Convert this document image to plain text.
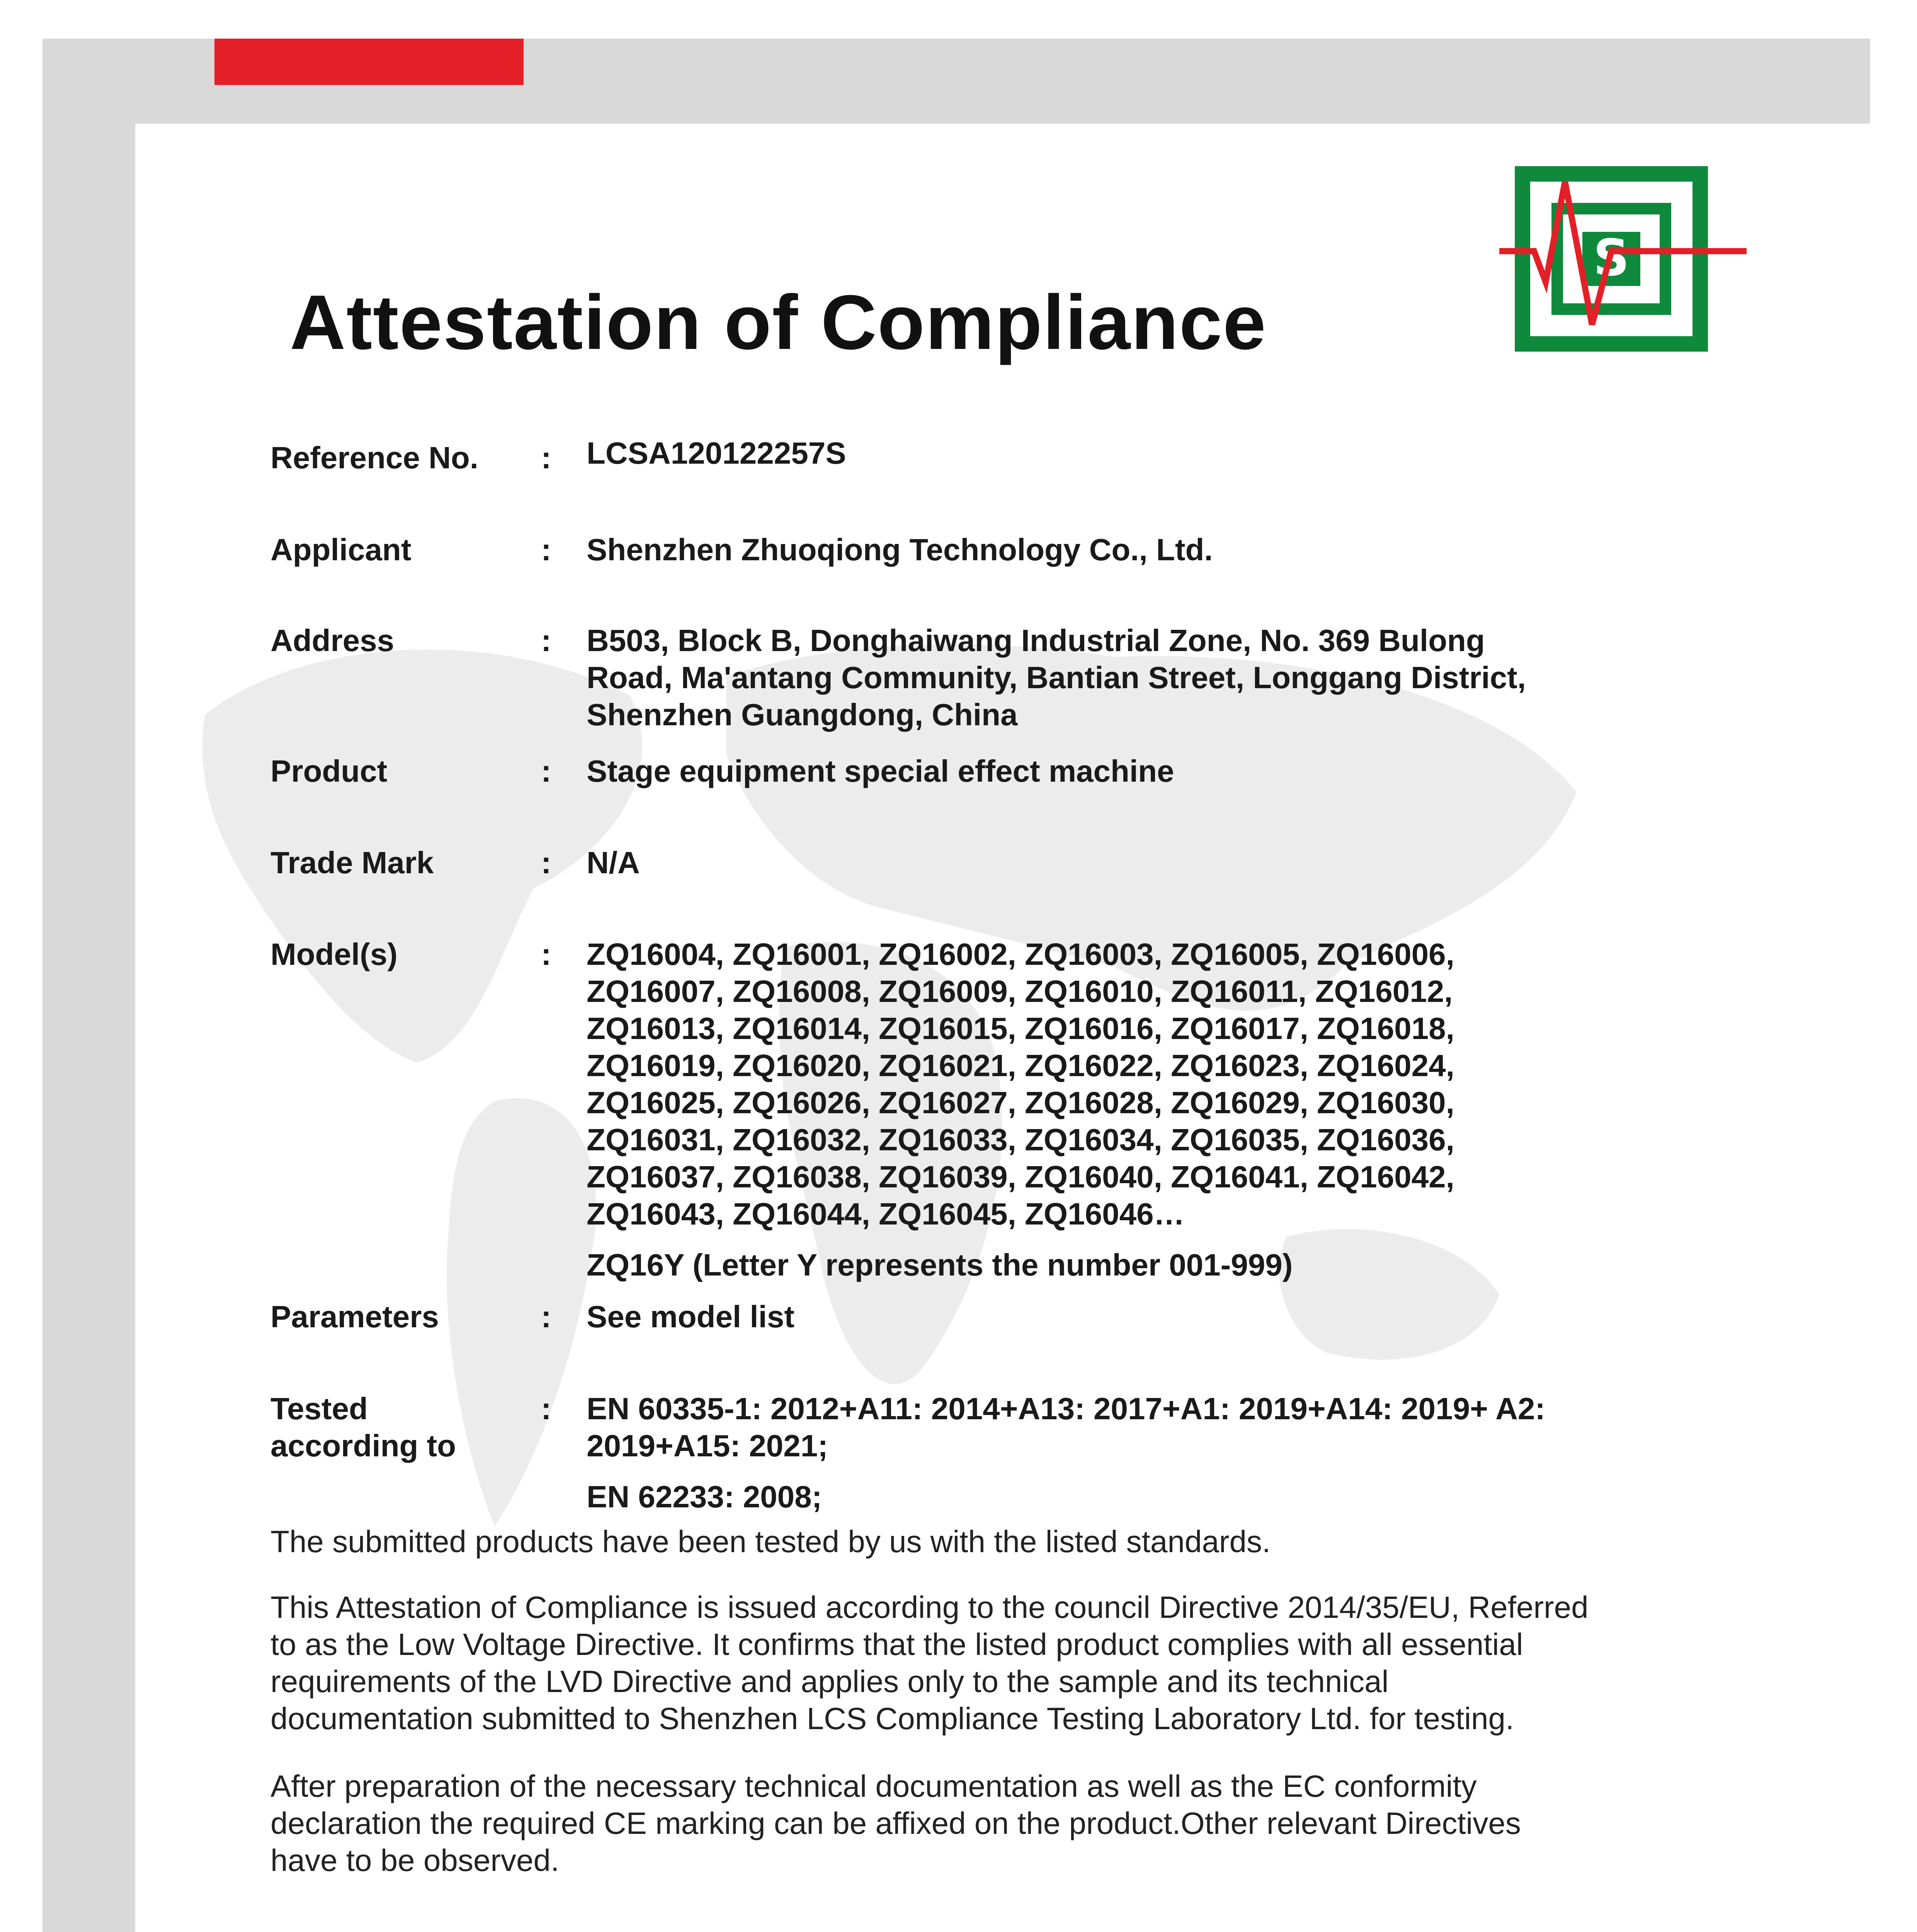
S
Attestation of Compliance
Reference No. : LCSA120122257S
Applicant	: Shenzhen Zhuoqiong Technology Co., Ltd.
Address	: B503, Block B, Donghaiwang Industrial Zone, No. 369 Bulong
Road, Ma'antang Community, Bantian Street, Longgang District,
Shenzhen Guangdong, China
Product	: Stage equipment special effect machine
Trade Mark	: N/A
Model(s)	: ZQ16004, ZQ16001, ZQ16002, ZQ16003, ZQ16005, ZQ16006,
ZQ16007, ZQ16008, ZQ16009, ZQ16010, ZQ16011, ZQ16012,
ZQ16013, ZQ16014, ZQ16015, ZQ16016, ZQ16017, ZQ16018,
ZQ16019, ZQ16020, ZQ16021, ZQ16022, ZQ16023, ZQ16024,
ZQ16025, ZQ16026, ZQ16027, ZQ16028, ZQ16029, ZQ16030,
ZQ16031, ZQ16032, ZQ16033, ZQ16034, ZQ16035, ZQ16036,
ZQ16037, ZQ16038, ZQ16039, ZQ16040, ZQ16041, ZQ16042,
ZQ16043, ZQ16044, ZQ16045, ZQ16046…
ZQ16Y (Letter Y represents the number 001-999)
Parameters	: See model list
Tested
according to
: EN 60335-1: 2012+A11: 2014+A13: 2017+A1: 2019+A14: 2019+ A2:
2019+A15: 2021;
EN 62233: 2008;
The submitted products have been tested by us with the listed standards.
This Attestation of Compliance is issued according to the council Directive 2014/35/EU, Referred to as the Low Voltage Directive. It confirms that the listed product complies with all essential requirements of the LVD Directive and applies only to the sample and its technical documentation submitted to Shenzhen LCS Compliance Testing Laboratory Ltd. for testing.
After preparation of the necessary technical documentation as well as the EC conformity declaration the required CE marking can be affixed on the product.Other relevant Directives have to be observed.
